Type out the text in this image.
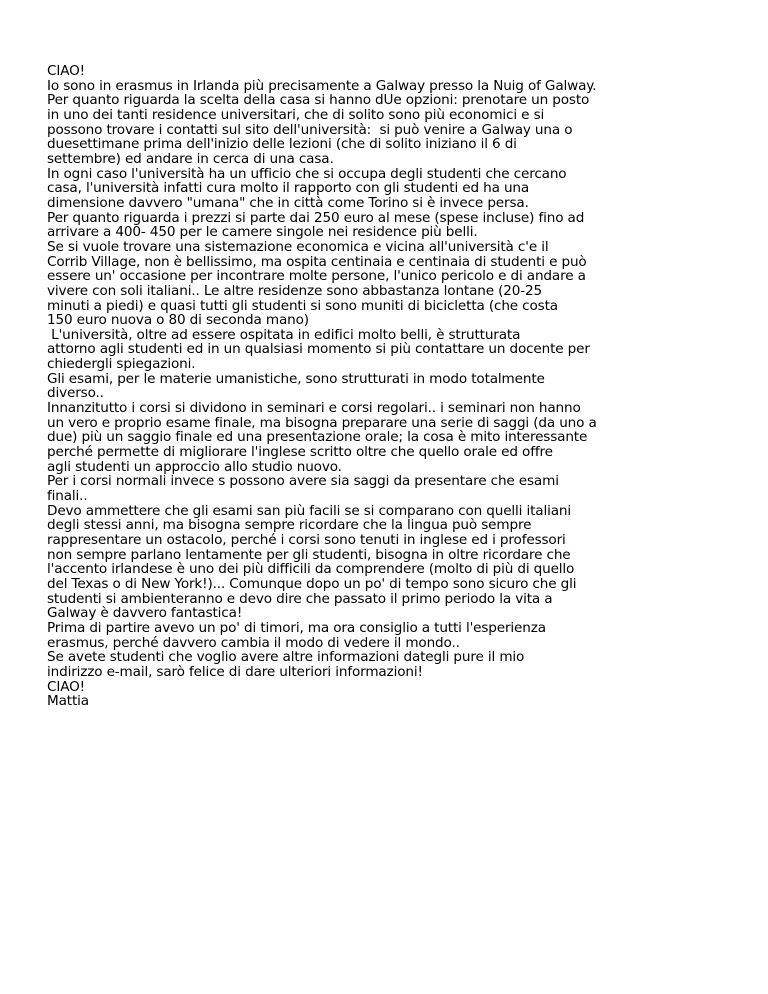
CIAO!
Io sono in erasmus in Irlanda più precisamente a Galway presso la Nuig of Galway.
Per quanto riguarda la scelta della casa si hanno dUe opzioni: prenotare un posto
in uno dei tanti residence universitari, che di solito sono più economici e si
possono trovare i contatti sul sito dell'università:  si può venire a Galway una o
duesettimane prima dell'inizio delle lezioni (che di solito iniziano il 6 di
settembre) ed andare in cerca di una casa.
In ogni caso l'università ha un ufficio che si occupa degli studenti che cercano
casa, l'università infatti cura molto il rapporto con gli studenti ed ha una
dimensione davvero "umana" che in città come Torino si è invece persa.
Per quanto riguarda i prezzi si parte dai 250 euro al mese (spese incluse) fino ad
arrivare a 400- 450 per le camere singole nei residence più belli.
Se si vuole trovare una sistemazione economica e vicina all'università c'e il
Corrib Village, non è bellissimo, ma ospita centinaia e centinaia di studenti e può
essere un' occasione per incontrare molte persone, l'unico pericolo e di andare a
vivere con soli italiani.. Le altre residenze sono abbastanza lontane (20-25
minuti a piedi) e quasi tutti gli studenti si sono muniti di bicicletta (che costa
150 euro nuova o 80 di seconda mano)
L'università, oltre ad essere ospitata in edifici molto belli, è strutturata
attorno agli studenti ed in un qualsiasi momento si più contattare un docente per
chiedergli spiegazioni.
Gli esami, per le materie umanistiche, sono strutturati in modo totalmente
diverso..
Innanzitutto i corsi si dividono in seminari e corsi regolari.. i seminari non hanno
un vero e proprio esame finale, ma bisogna preparare una serie di saggi (da uno a
due) più un saggio finale ed una presentazione orale; la cosa è mito interessante
perché permette di migliorare l'inglese scritto oltre che quello orale ed offre
agli studenti un approccio allo studio nuovo.
Per i corsi normali invece s possono avere sia saggi da presentare che esami
finali..
Devo ammettere che gli esami san più facili se si comparano con quelli italiani
degli stessi anni, ma bisogna sempre ricordare che la lingua può sempre
rappresentare un ostacolo, perché i corsi sono tenuti in inglese ed i professori
non sempre parlano lentamente per gli studenti, bisogna in oltre ricordare che
l'accento irlandese è uno dei più difficili da comprendere (molto di più di quello
del Texas o di New York!)... Comunque dopo un po' di tempo sono sicuro che gli
studenti si ambienteranno e devo dire che passato il primo periodo la vita a
Galway è davvero fantastica!
Prima di partire avevo un po' di timori, ma ora consiglio a tutti l'esperienza
erasmus, perché davvero cambia il modo di vedere il mondo..
Se avete studenti che voglio avere altre informazioni dategli pure il mio
indirizzo e-mail, sarò felice di dare ulteriori informazioni!
CIAO!
Mattia
